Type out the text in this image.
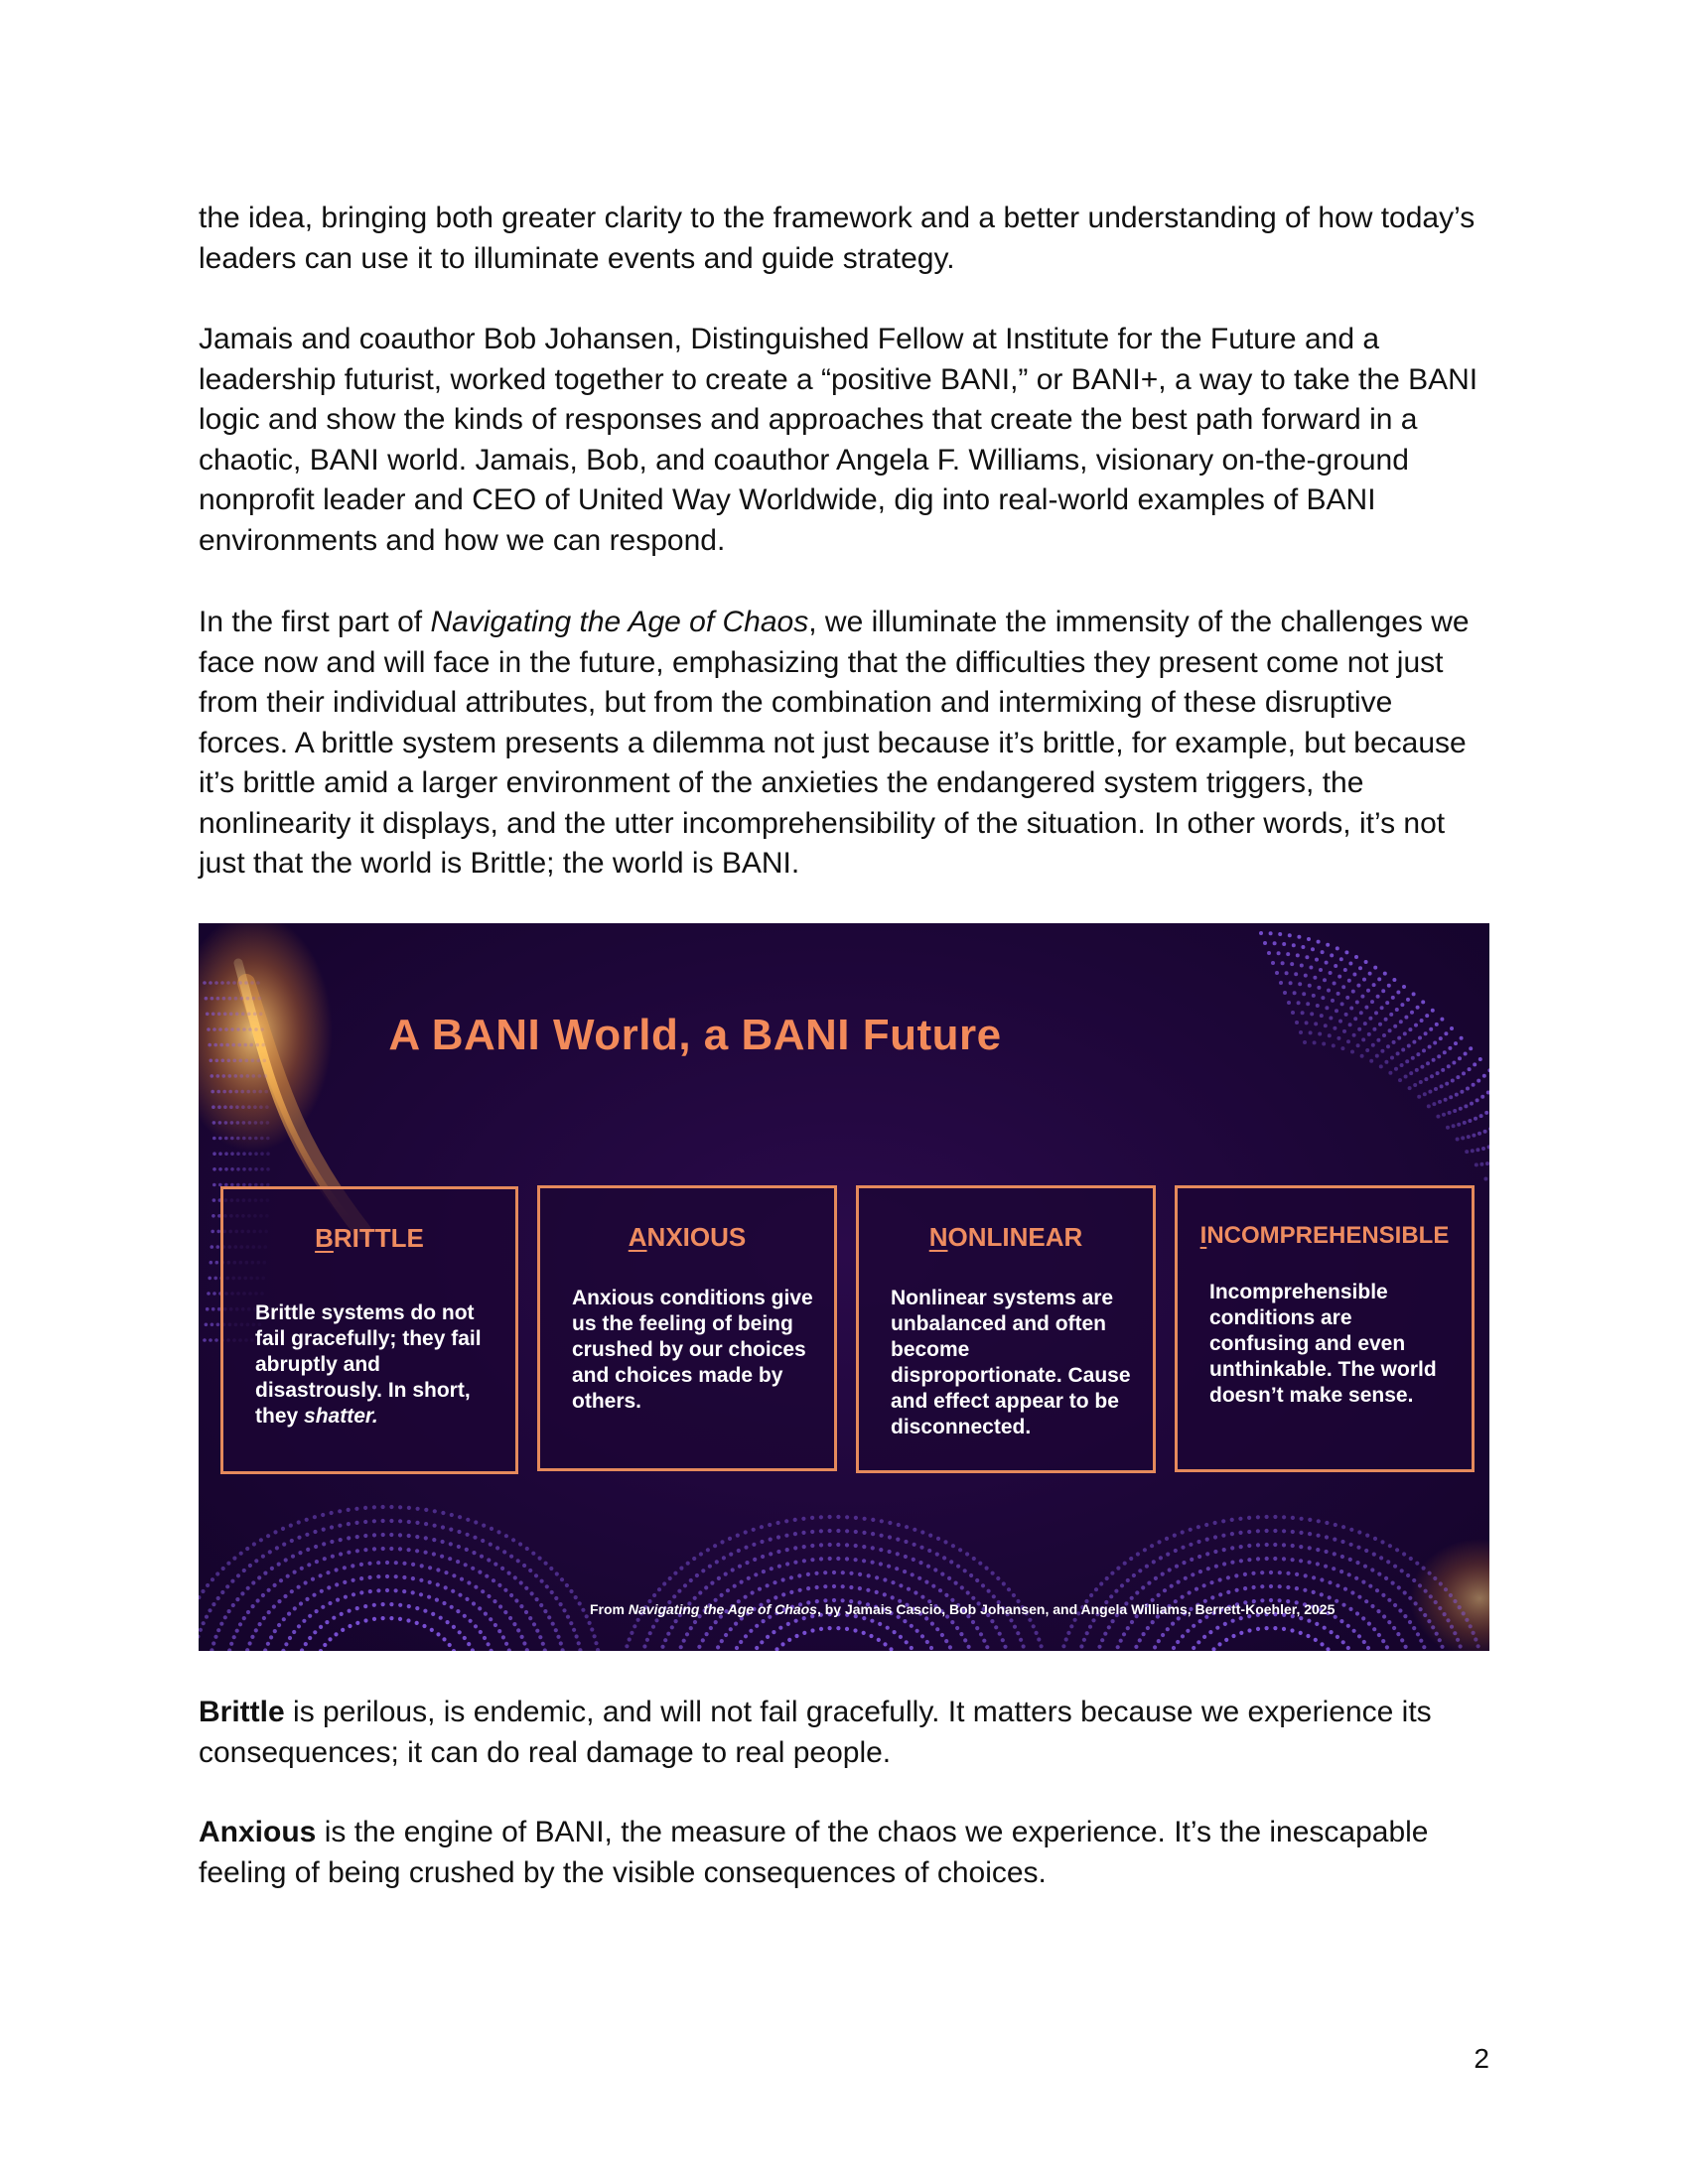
the idea, bringing both greater clarity to the framework and a better understanding of how today’s leaders can use it to illuminate events and guide strategy.

Jamais and coauthor Bob Johansen, Distinguished Fellow at Institute for the Future and a leadership futurist, worked together to create a “positive BANI,” or BANI+, a way to take the BANI logic and show the kinds of responses and approaches that create the best path forward in a chaotic, BANI world. Jamais, Bob, and coauthor Angela F. Williams, visionary on-the-ground nonprofit leader and CEO of United Way Worldwide, dig into real-world examples of BANI environments and how we can respond.

In the first part of Navigating the Age of Chaos, we illuminate the immensity of the challenges we face now and will face in the future, emphasizing that the difficulties they present come not just from their individual attributes, but from the combination and intermixing of these disruptive forces. A brittle system presents a dilemma not just because it’s brittle, for example, but because it’s brittle amid a larger environment of the anxieties the endangered system triggers, the nonlinearity it displays, and the utter incomprehensibility of the situation. In other words, it’s not just that the world is Brittle; the world is BANI.

A BANI World, a BANI Future
BRITTLE
Brittle systems do not fail gracefully; they fail abruptly and disastrously. In short, they shatter.
ANXIOUS
Anxious conditions give us the feeling of being crushed by our choices and choices made by others.
NONLINEAR
Nonlinear systems are unbalanced and often become disproportionate. Cause and effect appear to be disconnected.
INCOMPREHENSIBLE
Incomprehensible conditions are confusing and even unthinkable. The world doesn’t make sense.
From Navigating the Age of Chaos, by Jamais Cascio, Bob Johansen, and Angela Williams, Berrett-Koehler, 2025

Brittle is perilous, is endemic, and will not fail gracefully. It matters because we experience its consequences; it can do real damage to real people.

Anxious is the engine of BANI, the measure of the chaos we experience. It’s the inescapable feeling of being crushed by the visible consequences of choices.

2
